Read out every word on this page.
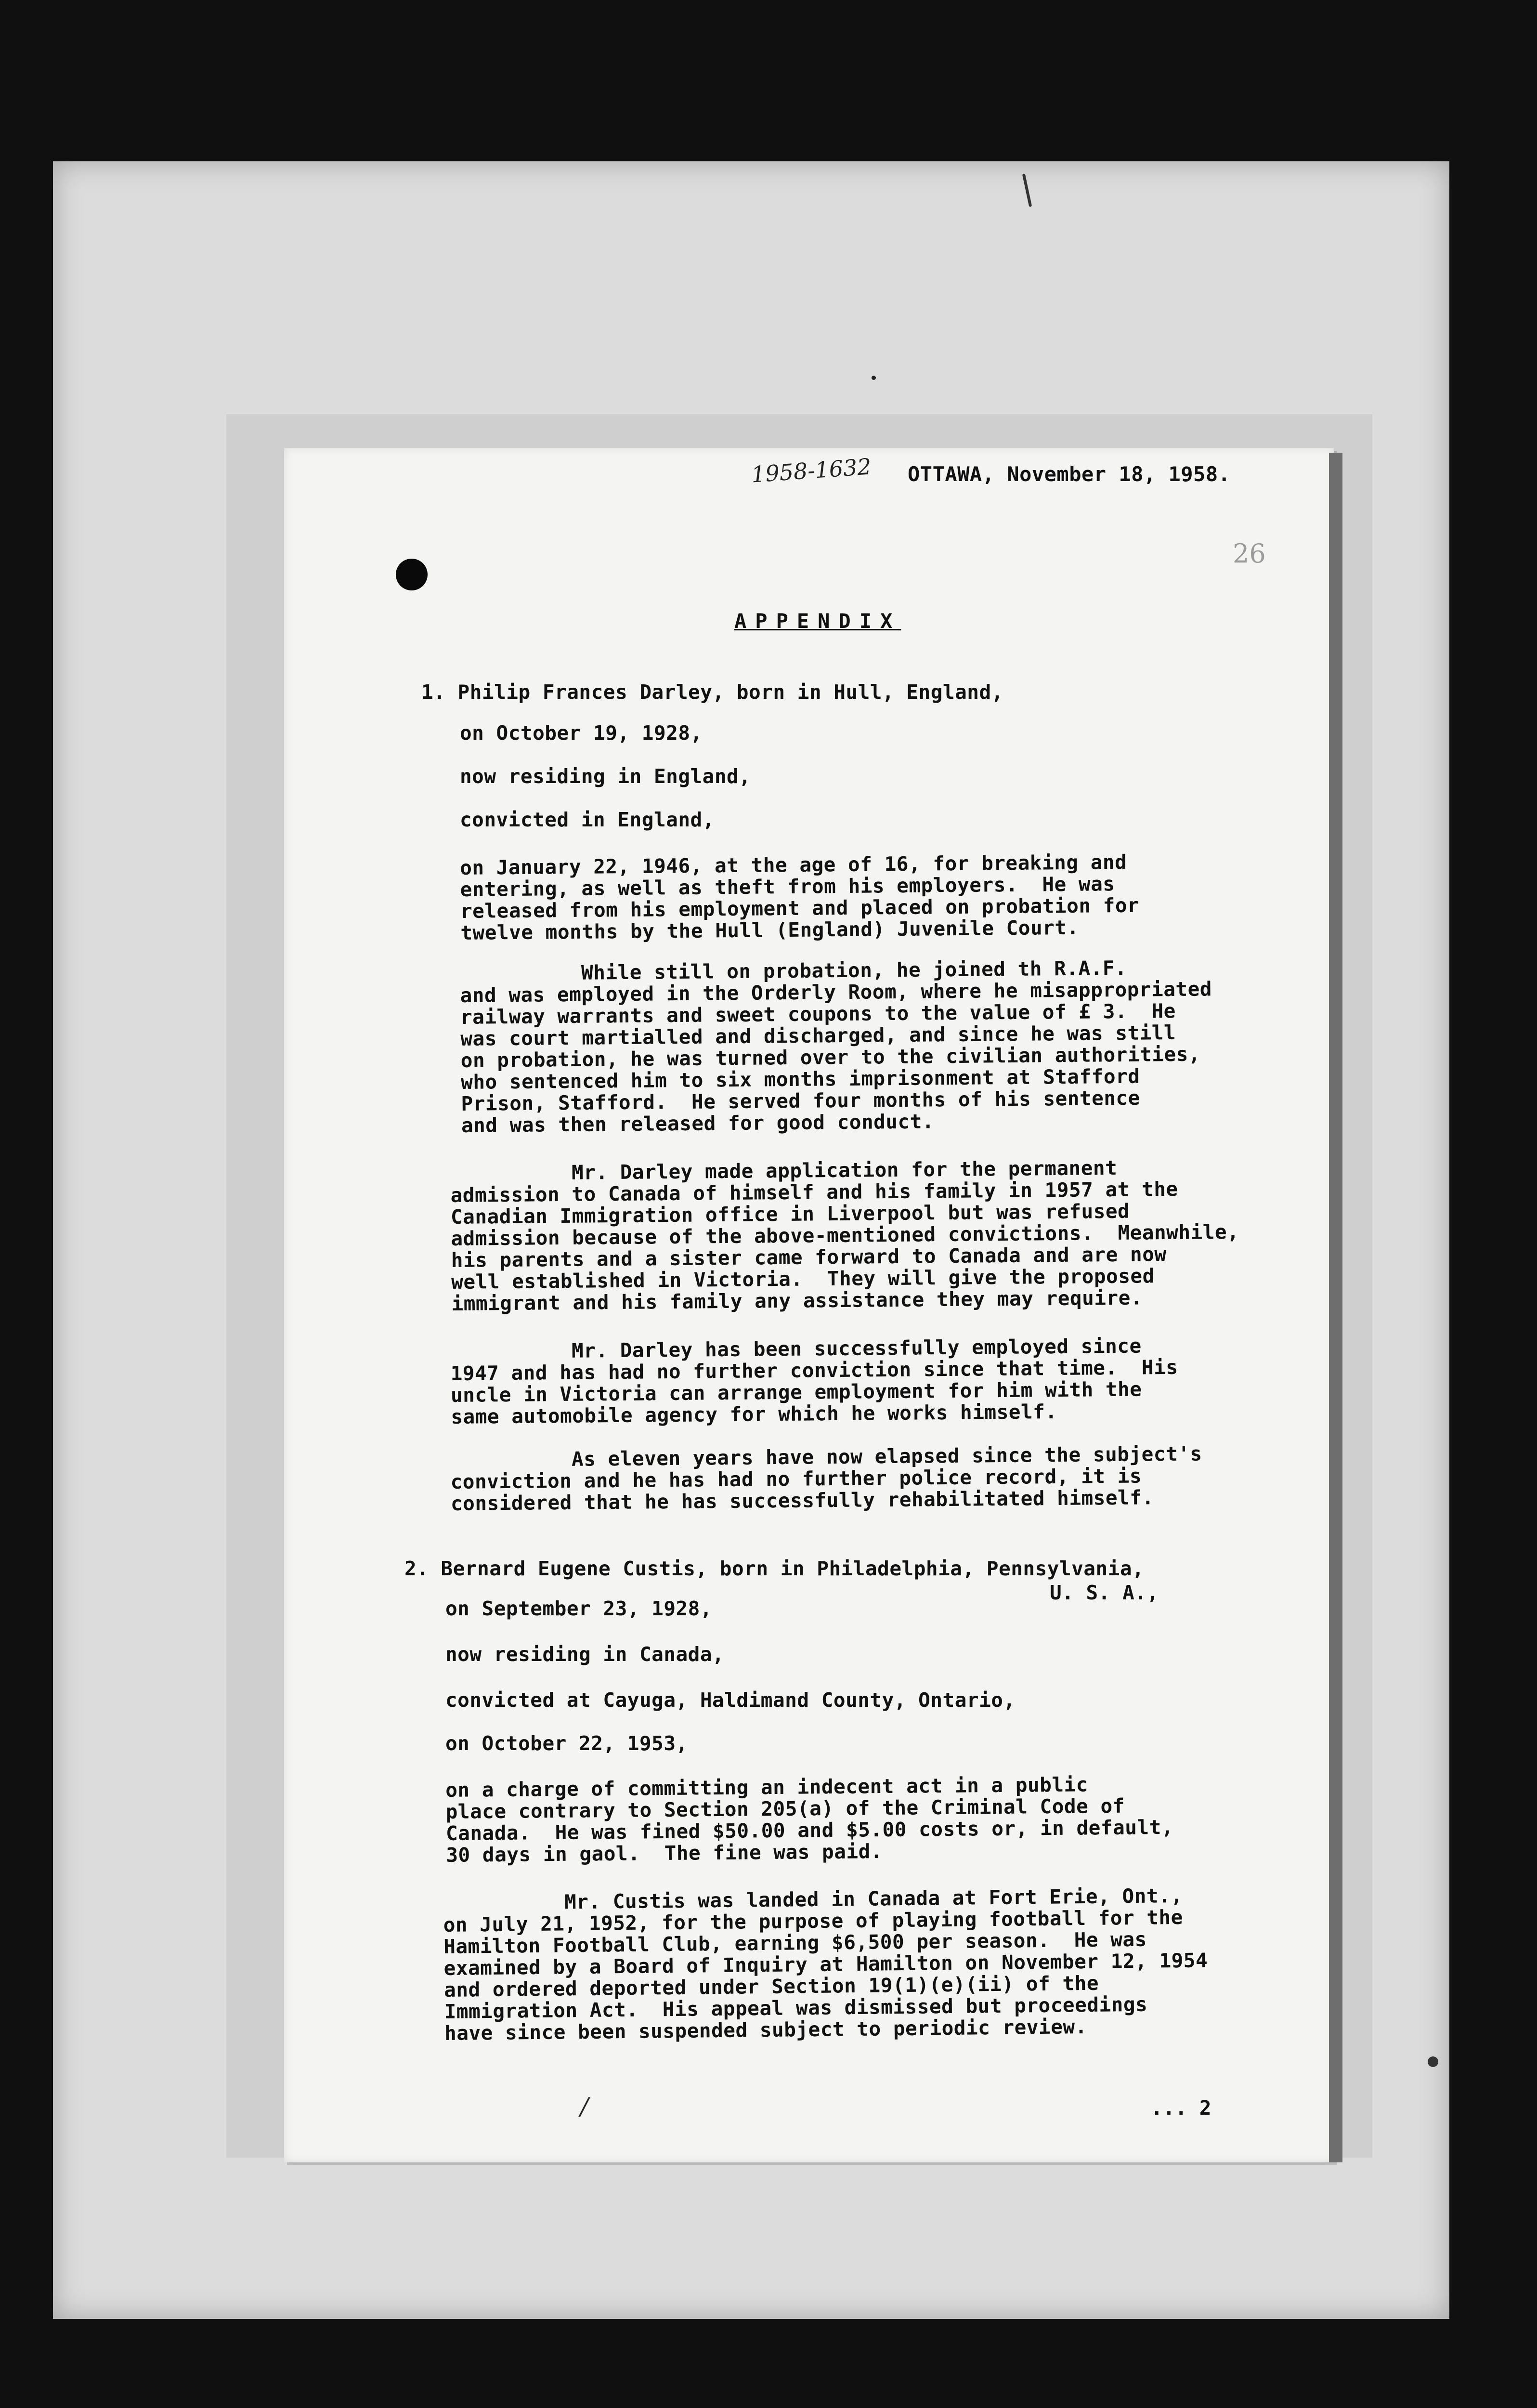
1958-1632 OTTAWA, November 18, 1958.
26
APPENDIX
1. Philip Frances Darley, born in Hull, England,
on October 19, 1928,
now residing in England,
convicted in England,
on January 22, 1946, at the age of 16, for breaking and
entering, as well as theft from his employers.  He was
released from his employment and placed on probation for
twelve months by the Hull (England) Juvenile Court.
While still on probation, he joined th R.A.F.
and was employed in the Orderly Room, where he misappropriated
railway warrants and sweet coupons to the value of £ 3.  He
was court martialled and discharged, and since he was still
on probation, he was turned over to the civilian authorities,
who sentenced him to six months imprisonment at Stafford
Prison, Stafford.  He served four months of his sentence
and was then released for good conduct.
Mr. Darley made application for the permanent
admission to Canada of himself and his family in 1957 at the
Canadian Immigration office in Liverpool but was refused
admission because of the above-mentioned convictions.  Meanwhile,
his parents and a sister came forward to Canada and are now
well established in Victoria.  They will give the proposed
immigrant and his family any assistance they may require.
Mr. Darley has been successfully employed since
1947 and has had no further conviction since that time.  His
uncle in Victoria can arrange employment for him with the
same automobile agency for which he works himself.
As eleven years have now elapsed since the subject's
conviction and he has had no further police record, it is
considered that he has successfully rehabilitated himself.
2. Bernard Eugene Custis, born in Philadelphia, Pennsylvania,
U. S. A.,
on September 23, 1928,
now residing in Canada,
convicted at Cayuga, Haldimand County, Ontario,
on October 22, 1953,
on a charge of committing an indecent act in a public
place contrary to Section 205(a) of the Criminal Code of
Canada.  He was fined $50.00 and $5.00 costs or, in default,
30 days in gaol.  The fine was paid.
Mr. Custis was landed in Canada at Fort Erie, Ont.,
on July 21, 1952, for the purpose of playing football for the
Hamilton Football Club, earning $6,500 per season.  He was
examined by a Board of Inquiry at Hamilton on November 12, 1954
and ordered deported under Section 19(1)(e)(ii) of the
Immigration Act.  His appeal was dismissed but proceedings
have since been suspended subject to periodic review.
/	... 2
